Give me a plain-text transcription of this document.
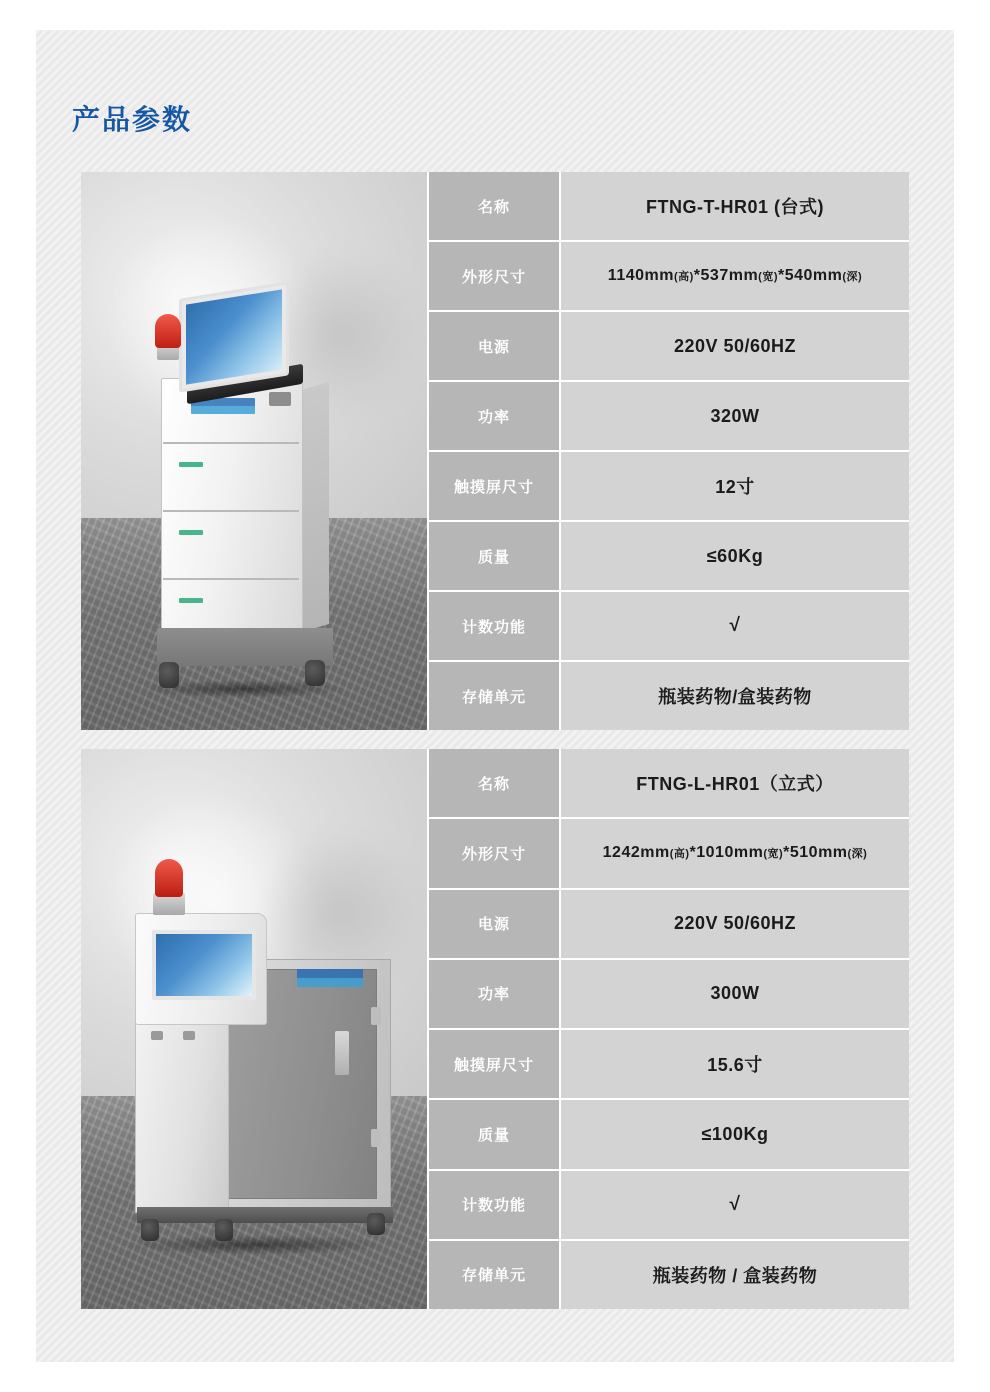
产品参数
名称	FTNG-T-HR01 (台式)
外形尺寸	1140mm (高) *537mm (宽) *540mm (深)
电源	220V 50/60HZ
功率	320W
触摸屏尺寸	12寸
质量	≤60Kg
计数功能	√
存储单元	瓶装药物/盒装药物
名称	FTNG-L-HR01（立式）
外形尺寸	1242mm (高) *1010mm (宽) *510mm (深)
电源	220V 50/60HZ
功率	300W
触摸屏尺寸	15.6寸
质量	≤100Kg
计数功能	√
存储单元	瓶装药物 / 盒装药物
